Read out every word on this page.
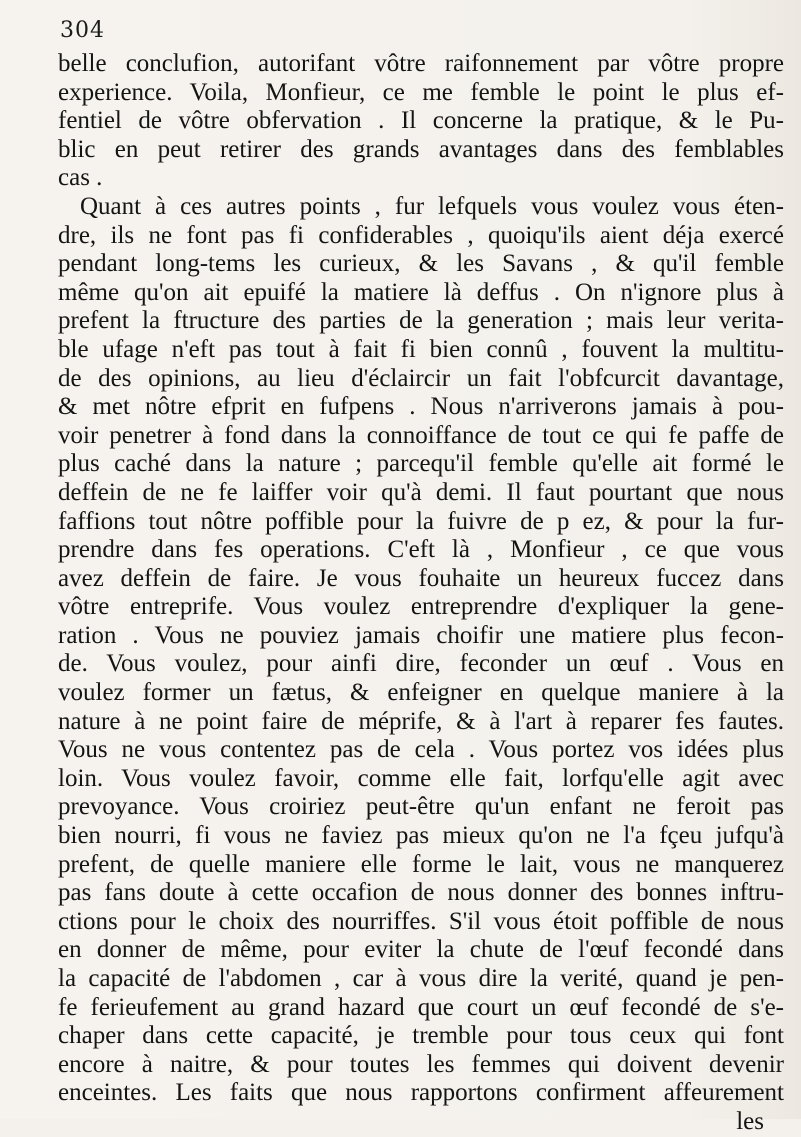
304
belle conclufion, autorifant vôtre raifonnement par vôtre propre
experience. Voila, Monfieur, ce me femble le point le plus ef-
fentiel de vôtre obfervation . Il concerne la pratique, & le Pu-
blic en peut retirer des grands avantages dans des femblables
cas .
Quant à ces autres points , fur lefquels vous voulez vous éten-
dre, ils ne font pas fi confiderables , quoiqu'ils aient déja exercé
pendant long-tems les curieux, & les Savans , & qu'il femble
même qu'on ait epuifé la matiere là deffus . On n'ignore plus à
prefent la ftructure des parties de la generation ; mais leur verita-
ble ufage n'eft pas tout à fait fi bien connû , fouvent la multitu-
de des opinions, au lieu d'éclaircir un fait l'obfcurcit davantage,
& met nôtre efprit en fufpens . Nous n'arriverons jamais à pou-
voir penetrer à fond dans la connoiffance de tout ce qui fe paffe de
plus caché dans la nature ; parcequ'il femble qu'elle ait formé le
deffein de ne fe laiffer voir qu'à demi. Il faut pourtant que nous
faffions tout nôtre poffible pour la fuivre de p ez, & pour la fur-
prendre dans fes operations. C'eft là , Monfieur , ce que vous
avez deffein de faire. Je vous fouhaite un heureux fuccez dans
vôtre entreprife. Vous voulez entreprendre d'expliquer la gene-
ration . Vous ne pouviez jamais choifir une matiere plus fecon-
de. Vous voulez, pour ainfi dire, feconder un œuf . Vous en
voulez former un fætus, & enfeigner en quelque maniere à la
nature à ne point faire de méprife, & à l'art à reparer fes fautes.
Vous ne vous contentez pas de cela . Vous portez vos idées plus
loin. Vous voulez favoir, comme elle fait, lorfqu'elle agit avec
prevoyance. Vous croiriez peut-être qu'un enfant ne feroit pas
bien nourri, fi vous ne faviez pas mieux qu'on ne l'a fçeu jufqu'à
prefent, de quelle maniere elle forme le lait, vous ne manquerez
pas fans doute à cette occafion de nous donner des bonnes inftru-
ctions pour le choix des nourriffes. S'il vous étoit poffible de nous
en donner de même, pour eviter la chute de l'œuf fecondé dans
la capacité de l'abdomen , car à vous dire la verité, quand je pen-
fe ferieufement au grand hazard que court un œuf fecondé de s'e-
chaper dans cette capacité, je tremble pour tous ceux qui font
encore à naitre, & pour toutes les femmes qui doivent devenir
enceintes. Les faits que nous rapportons confirment affeurement
les
